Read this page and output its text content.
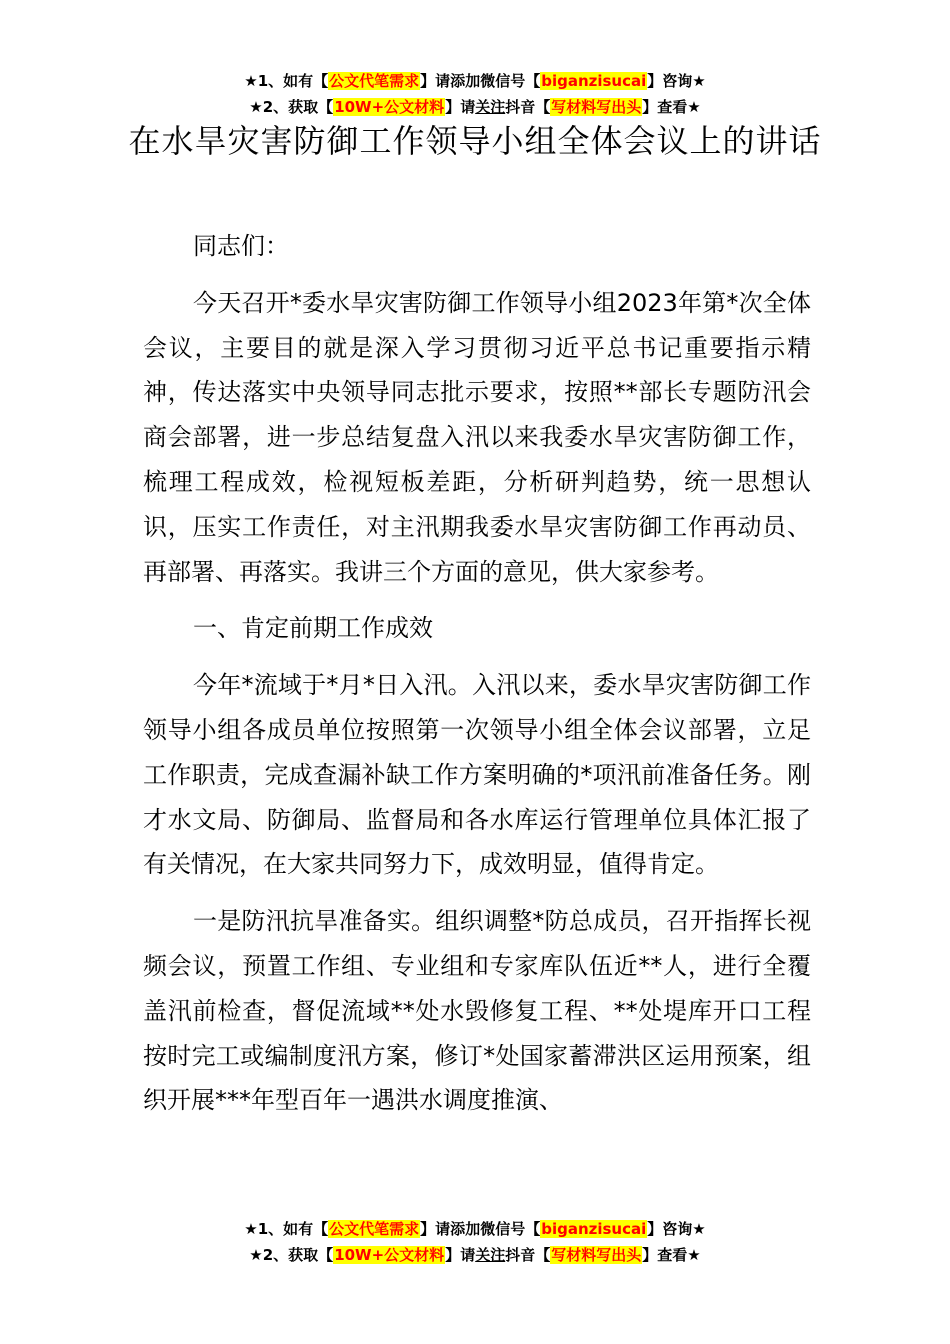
★1、如有【公文代笔需求】请添加微信号【biganzisucai】咨询★
★2、获取【10W+公文材料】请关注抖音【写材料写出头】查看★
在水旱灾害防御工作领导小组全体会议上的讲话

同志们：

今天召开*委水旱灾害防御工作领导小组2023年第*次全体会议，主要目的就是深入学习贯彻习近平总书记重要指示精神，传达落实中央领导同志批示要求，按照**部长专题防汛会商会部署，进一步总结复盘入汛以来我委水旱灾害防御工作，梳理工程成效，检视短板差距，分析研判趋势，统一思想认识，压实工作责任，对主汛期我委水旱灾害防御工作再动员、再部署、再落实。我讲三个方面的意见，供大家参考。

一、肯定前期工作成效

今年*流域于*月*日入汛。入汛以来，委水旱灾害防御工作领导小组各成员单位按照第一次领导小组全体会议部署，立足工作职责，完成查漏补缺工作方案明确的*项汛前准备任务。刚才水文局、防御局、监督局和各水库运行管理单位具体汇报了有关情况，在大家共同努力下，成效明显，值得肯定。

一是防汛抗旱准备实。组织调整*防总成员，召开指挥长视频会议，预置工作组、专业组和专家库队伍近**人，进行全覆盖汛前检查，督促流域**处水毁修复工程、**处堤库开口工程按时完工或编制度汛方案，修订*处国家蓄滞洪区运用预案，组织开展***年型百年一遇洪水调度推演、

★1、如有【公文代笔需求】请添加微信号【biganzisucai】咨询★
★2、获取【10W+公文材料】请关注抖音【写材料写出头】查看★
